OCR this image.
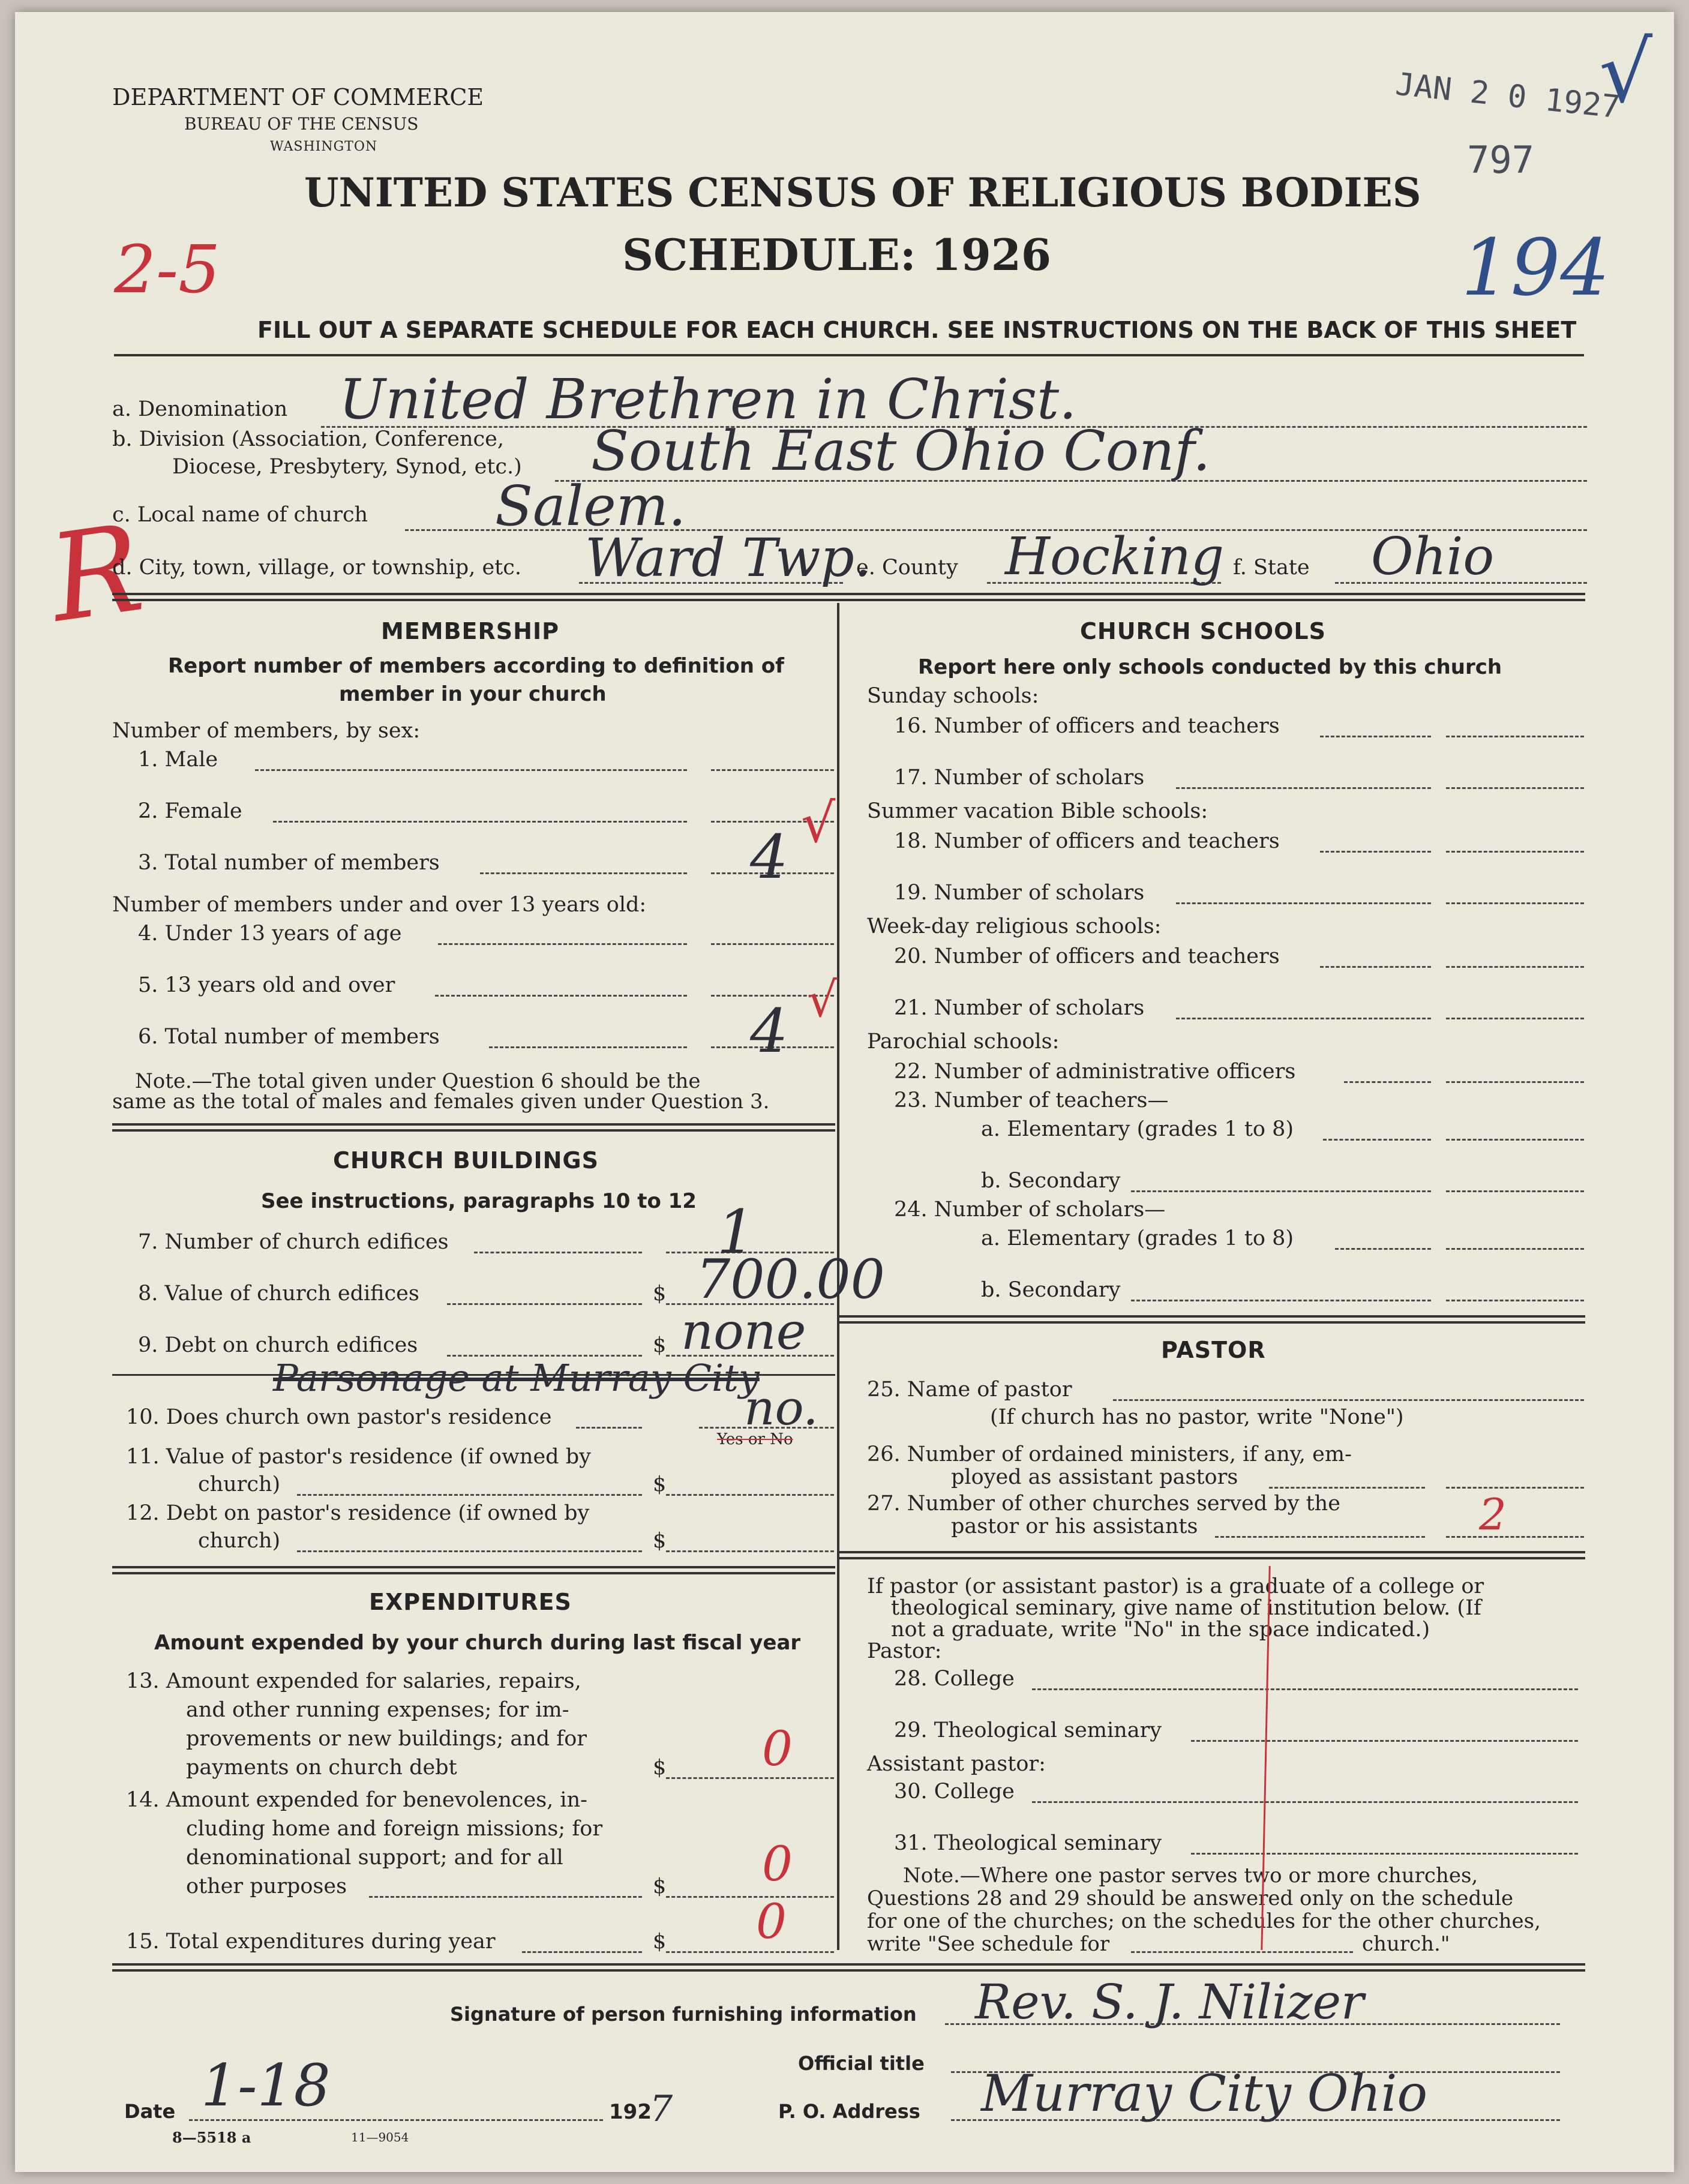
DEPARTMENT OF COMMERCE
BUREAU OF THE CENSUS
WASHINGTON
UNITED STATES CENSUS OF RELIGIOUS BODIES
SCHEDULE: 1926
FILL OUT A SEPARATE SCHEDULE FOR EACH CHURCH. SEE INSTRUCTIONS ON THE BACK OF THIS SHEET
JAN 2 0 1927
797
194
2-5
R
√
a. Denomination United Brethren in Christ.
b. Division (Association, Conference,
Diocese, Presbytery, Synod, etc.) South East Ohio Conf.
c. Local name of church Salem.
d. City, town, village, or township, etc. Ward Twp.
e. County Hocking f. State Ohio
MEMBERSHIP
Report number of members according to definition of
member in your church
Number of members, by sex:
1. Male
2. Female
3. Total number of members	4 √
Number of members under and over 13 years old:
4. Under 13 years of age
5. 13 years old and over
6. Total number of members	4 √
Note.—The total given under Question 6 should be the
same as the total of males and females given under Question 3.
CHURCH BUILDINGS
See instructions, paragraphs 10 to 12
7. Number of church edifices	1
8. Value of church edifices	$ 700.00
9. Debt on church edifices	$ none
Parsonage at Murray City
10. Does church own pastor's residence	no.
Yes or No
11. Value of pastor's residence (if owned by
church)	$
12. Debt on pastor's residence (if owned by
church)	$
EXPENDITURES
Amount expended by your church during last fiscal year
13. Amount expended for salaries, repairs,
and other running expenses; for im-
provements or new buildings; and for
payments on church debt	$ 0
14. Amount expended for benevolences, in-
cluding home and foreign missions; for
denominational support; and for all
other purposes	$ 0
15. Total expenditures during year	$ 0
CHURCH SCHOOLS
Report here only schools conducted by this church
Sunday schools:
16. Number of officers and teachers
17. Number of scholars
Summer vacation Bible schools:
18. Number of officers and teachers
19. Number of scholars
Week-day religious schools:
20. Number of officers and teachers
21. Number of scholars
Parochial schools:
22. Number of administrative officers
23. Number of teachers—
a. Elementary (grades 1 to 8)
b. Secondary
24. Number of scholars—
a. Elementary (grades 1 to 8)
b. Secondary
PASTOR
25. Name of pastor
(If church has no pastor, write "None")
26. Number of ordained ministers, if any, em-
ployed as assistant pastors
27. Number of other churches served by the
pastor or his assistants	2
If pastor (or assistant pastor) is a graduate of a college or
theological seminary, give name of institution below. (If
not a graduate, write "No" in the space indicated.)
Pastor:
28. College
29. Theological seminary
Assistant pastor:
30. College
31. Theological seminary
Note.—Where one pastor serves two or more churches,
Questions 28 and 29 should be answered only on the schedule
for one of the churches; on the schedules for the other churches,
write "See schedule for	church."
Signature of person furnishing information Rev. S. J. Nilizer
Official title
Date 1-18	192
7	P. O. Address Murray City Ohio
8—5518 a	11—9054
